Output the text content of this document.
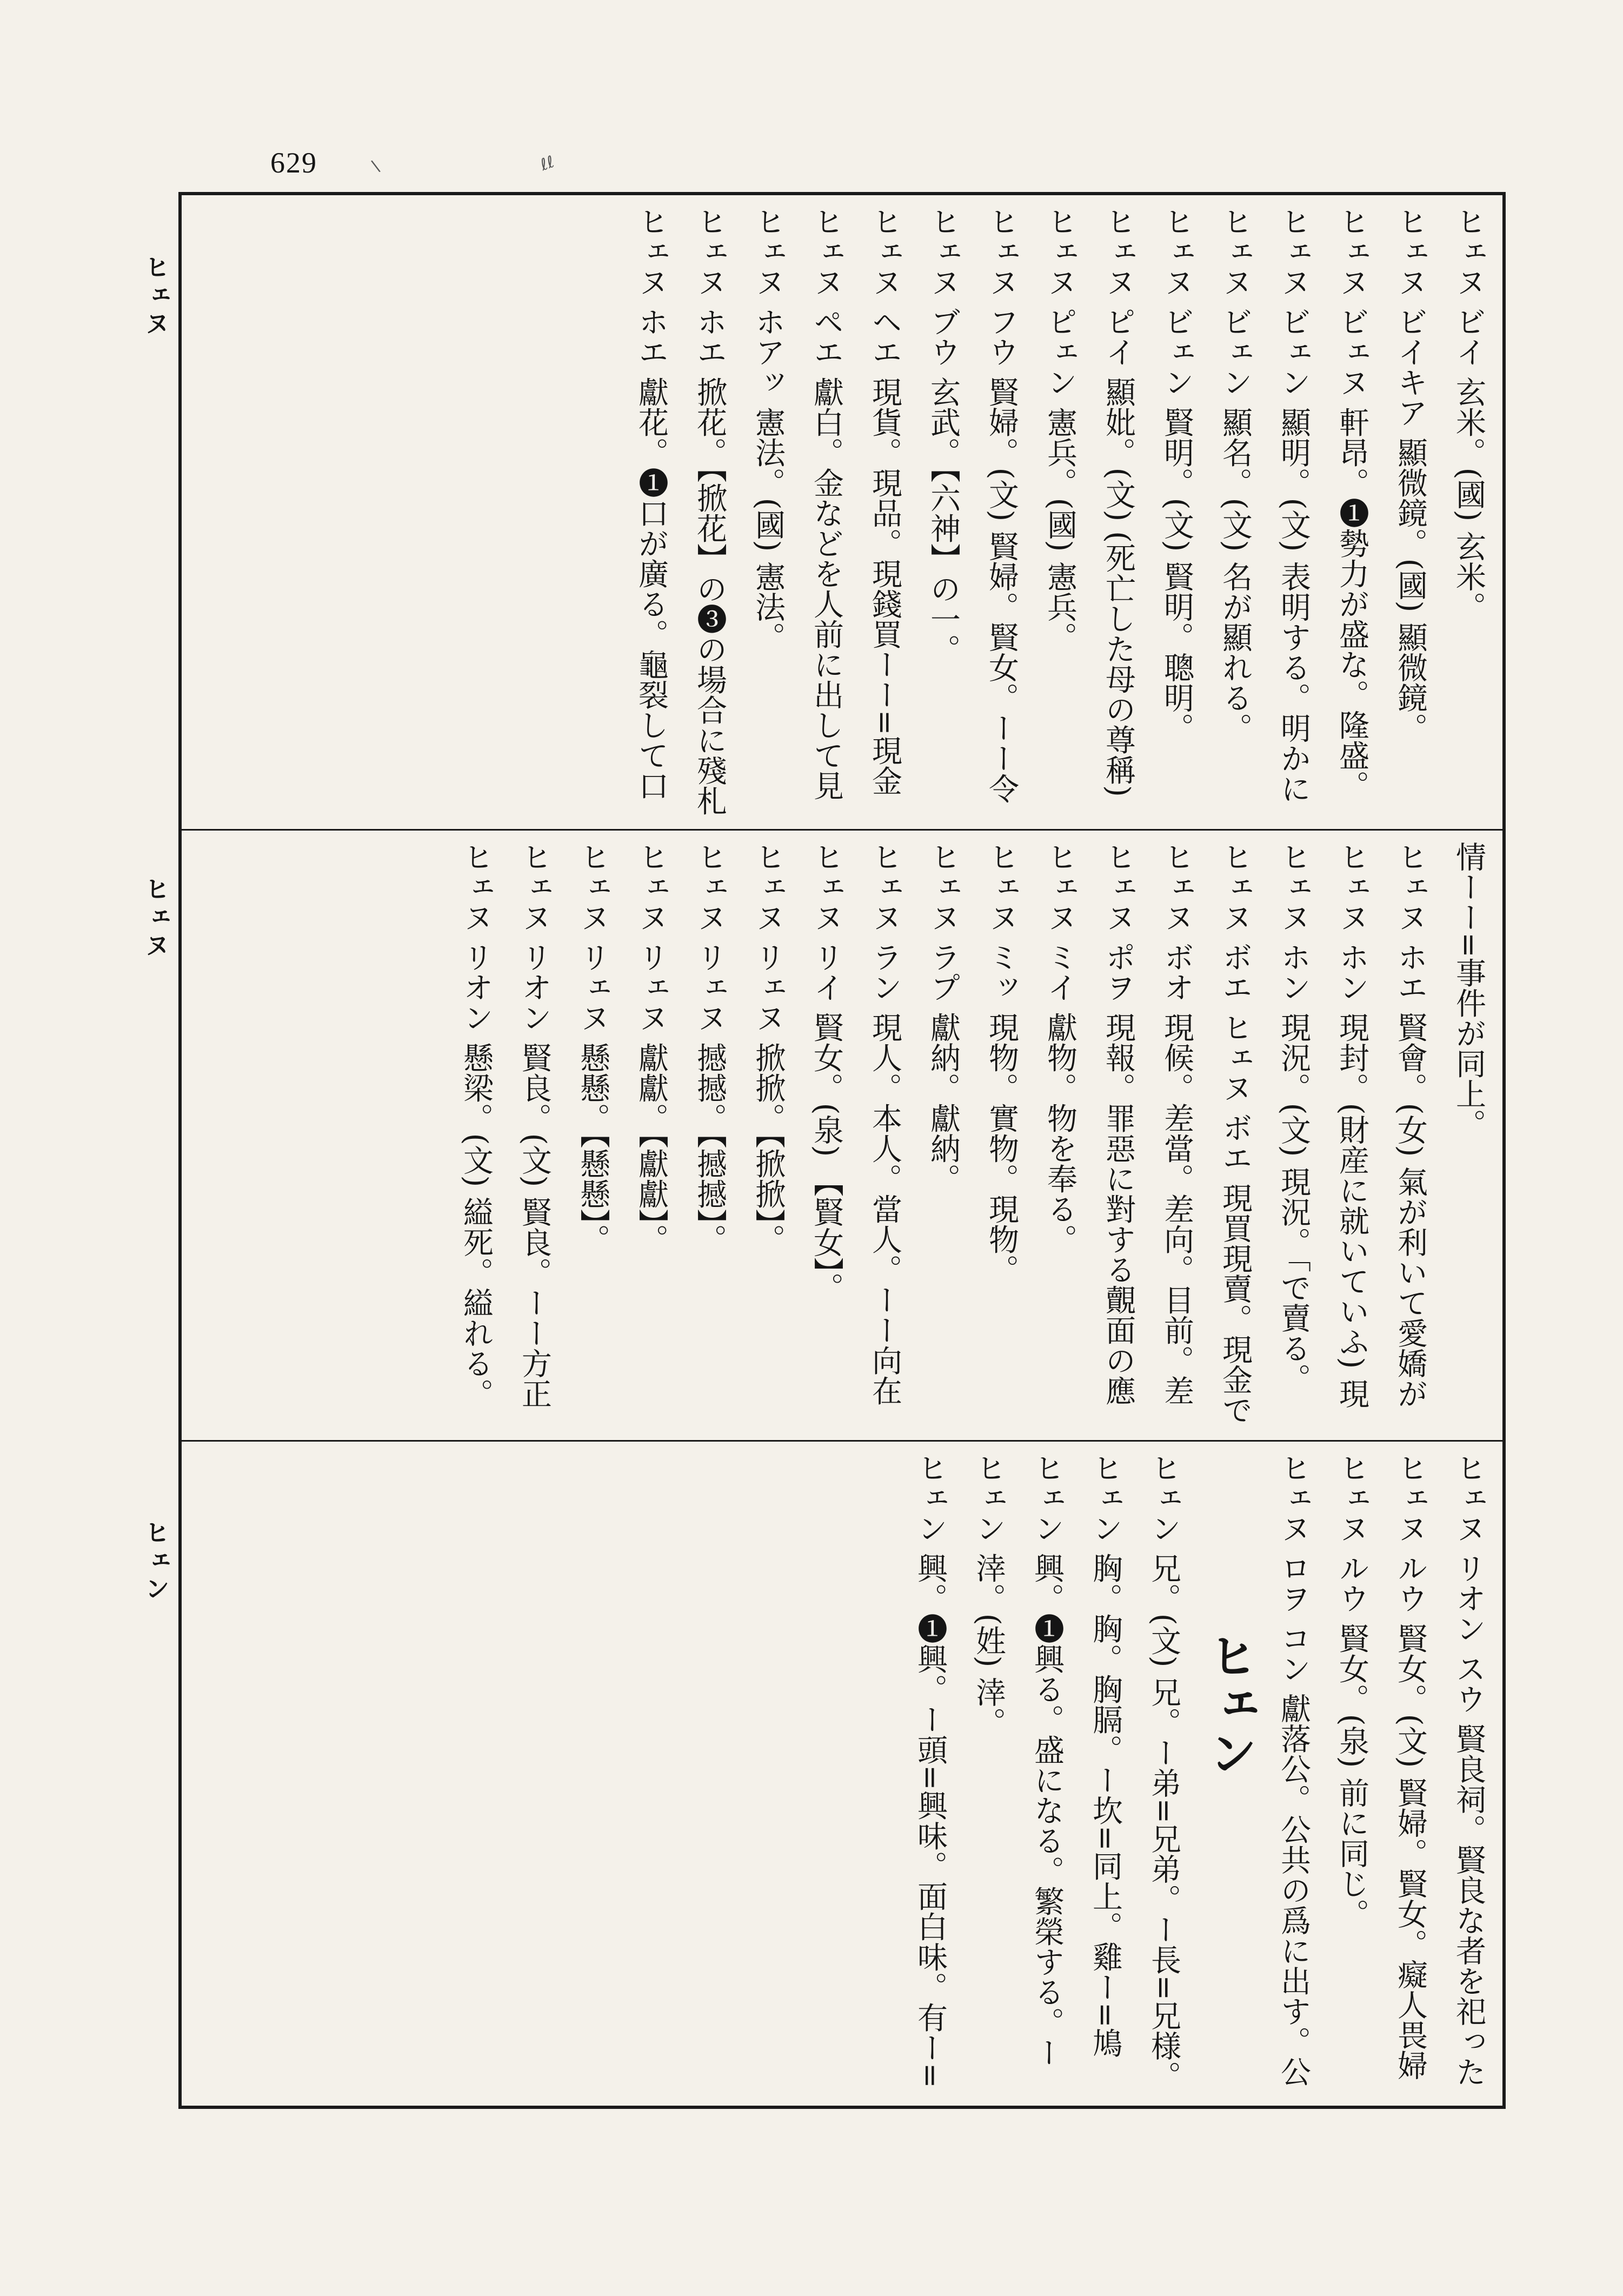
629	\	ℓℓ
ヒェヌ
ヒェヌ
ヒェン
ヒェヌ ビイ 玄米。(國) 玄米。
ヒェヌ ビイキア 顯微鏡。(國) 顯微鏡。
ヒェヌ ビェヌ 軒昂。➊勢力が盛な。隆盛。
ヒェヌ ビェン 顯明。(文) 表明する。明かに
ヒェヌ ビェン 顯名。(文) 名が顯れる。
ヒェヌ ビェン 賢明。(文) 賢明。聰明。
ヒェヌ ピイ 顯妣。(文) (死亡した母の尊稱)
ヒェヌ ピェン 憲兵。(國) 憲兵。
ヒェヌ フウ 賢婦。(文) 賢婦。賢女。ーー令
ヒェヌ ブウ 玄武。【六神】の一。
ヒェヌ ヘエ 現貨。現品。現錢買ーー=現金
ヒェヌ ペエ 獻白。金などを人前に出して見
ヒェヌ ホアッ 憲法。(國) 憲法。
ヒェヌ ホエ 掀花。【掀花】の➌の場合に殘札
ヒェヌ ホエ 獻花。➊口が廣る。龜裂して口
情ーー=事件が同上。
ヒェヌ ホエ 賢會。(女) 氣が利いて愛嬌が
ヒェヌ ホン 現封。(財産に就いていふ) 現
ヒェヌ ホン 現況。(文) 現況。「で賣る。
ヒェヌ ボエ ヒェヌ ボエ 現買現賣。現金で
ヒェヌ ボオ 現候。差當。差向。目前。差
ヒェヌ ポヲ 現報。罪惡に對する覿面の應
ヒェヌ ミイ 獻物。物を奉る。
ヒェヌ ミッ 現物。實物。現物。
ヒェヌ ラプ 獻納。獻納。
ヒェヌ ラン 現人。本人。當人。ーー向在
ヒェヌ リイ 賢女。(泉) 【賢女】。
ヒェヌ リェヌ 掀掀。【掀掀】。
ヒェヌ リェヌ 撼撼。【撼撼】。
ヒェヌ リェヌ 獻獻。【獻獻】。
ヒェヌ リェヌ 懸懸。【懸懸】。
ヒェヌ リオン 賢良。(文) 賢良。ーー方正
ヒェヌ リオン 懸梁。(文) 縊死。縊れる。
ヒェヌ リオン スウ 賢良祠。賢良な者を祀った
ヒェヌ ルウ 賢女。(文) 賢婦。賢女。癡人畏婦
ヒェヌ ルウ 賢女。(泉) 前に同じ。
ヒェヌ ロヲ コン 獻落公。公共の爲に出す。公
ヒェン
ヒェン 兄。(文) 兄。ー弟=兄弟。ー長=兄様。
ヒェン 胸。胸。胸膈。ー坎=同上。雞ー=鳩
ヒェン 興。➊興る。盛になる。繁榮する。ー
ヒェン 涬。(姓) 涬。
ヒェン 興。➊興。ー頭=興味。面白味。有ー=
